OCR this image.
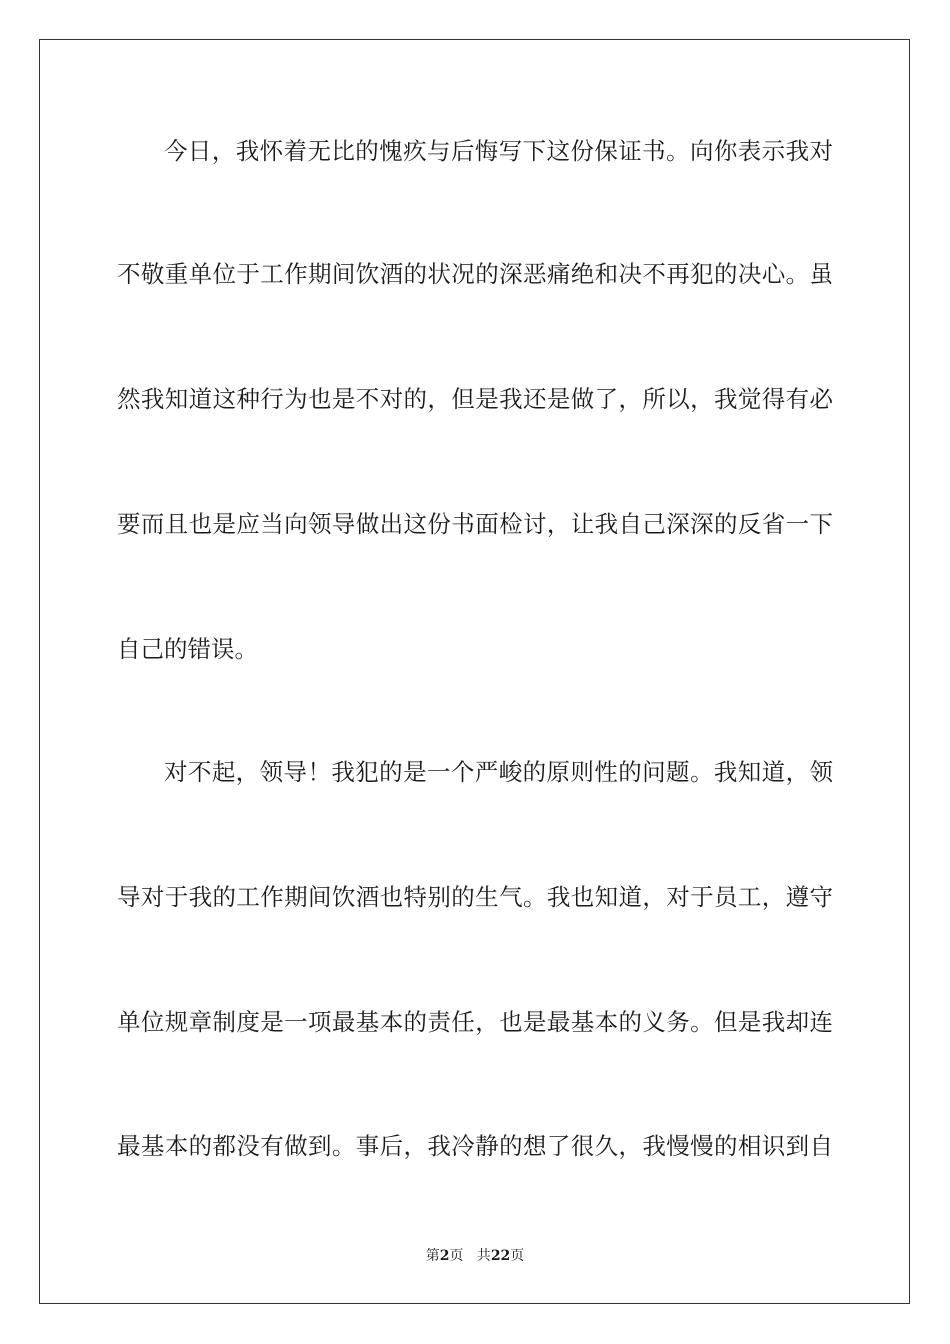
今日，我怀着无比的愧疚与后悔写下这份保证书。向你表示我对
不敬重单位于工作期间饮酒的状况的深恶痛绝和决不再犯的决心。虽
然我知道这种行为也是不对的，但是我还是做了，所以，我觉得有必
要而且也是应当向领导做出这份书面检讨，让我自己深深的反省一下
自己的错误。
对不起，领导！我犯的是一个严峻的原则性的问题。我知道，领
导对于我的工作期间饮酒也特别的生气。我也知道，对于员工，遵守
单位规章制度是一项最基本的责任，也是最基本的义务。但是我却连
最基本的都没有做到。事后，我冷静的想了很久，我慢慢的相识到自
第2页   共22页
